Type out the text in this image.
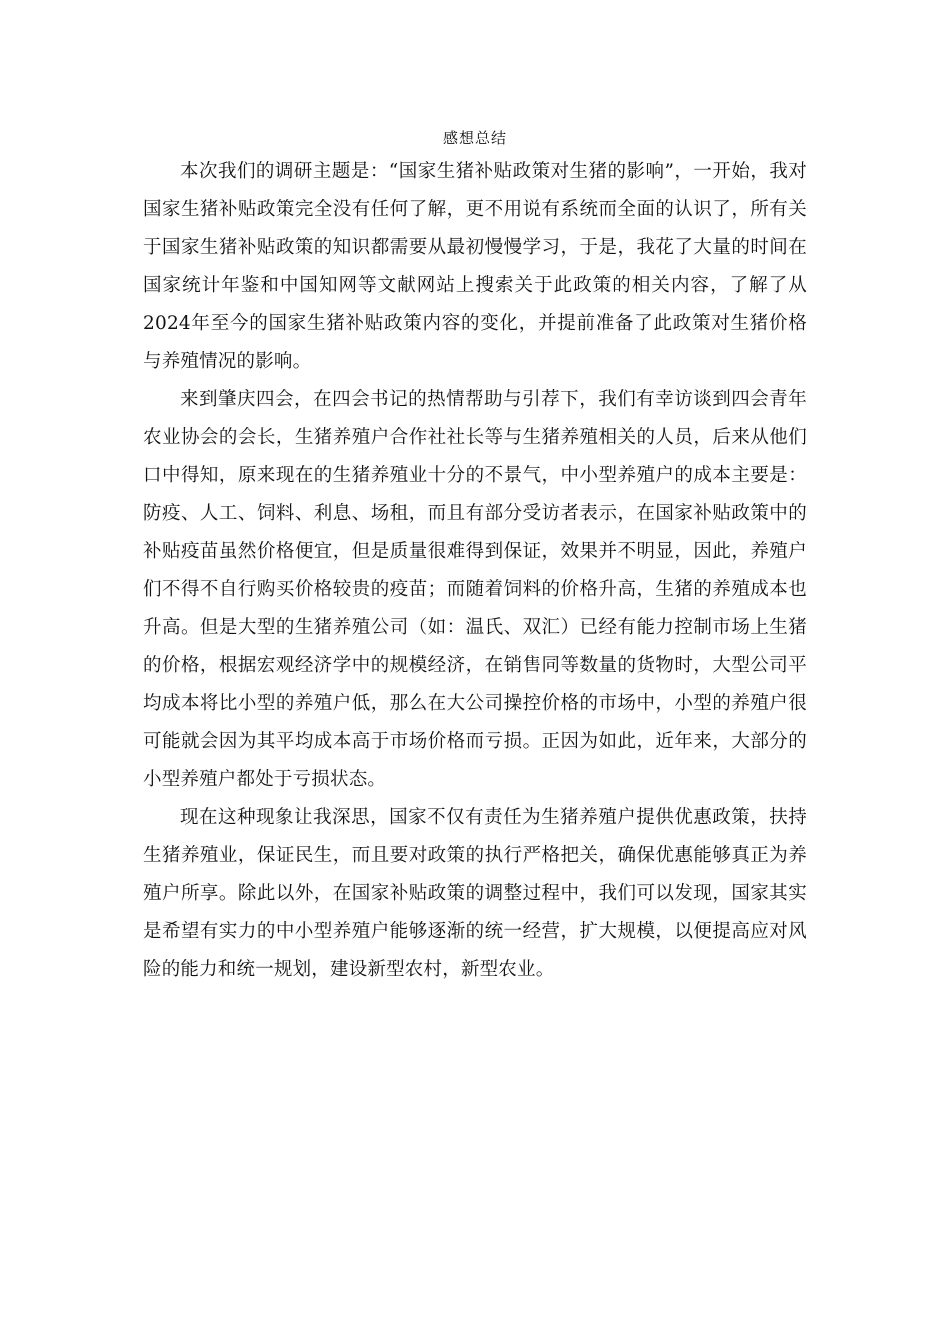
感想总结

本次我们的调研主题是：“国家生猪补贴政策对生猪的影响”，一开始，我对国家生猪补贴政策完全没有任何了解，更不用说有系统而全面的认识了，所有关于国家生猪补贴政策的知识都需要从最初慢慢学习，于是，我花了大量的时间在国家统计年鉴和中国知网等文献网站上搜索关于此政策的相关内容，了解了从2024年至今的国家生猪补贴政策内容的变化，并提前准备了此政策对生猪价格与养殖情况的影响。

来到肇庆四会，在四会书记的热情帮助与引荐下，我们有幸访谈到四会青年农业协会的会长，生猪养殖户合作社社长等与生猪养殖相关的人员，后来从他们口中得知，原来现在的生猪养殖业十分的不景气，中小型养殖户的成本主要是：防疫、人工、饲料、利息、场租，而且有部分受访者表示，在国家补贴政策中的补贴疫苗虽然价格便宜，但是质量很难得到保证，效果并不明显，因此，养殖户们不得不自行购买价格较贵的疫苗；而随着饲料的价格升高，生猪的养殖成本也升高。但是大型的生猪养殖公司（如：温氏、双汇）已经有能力控制市场上生猪的价格，根据宏观经济学中的规模经济，在销售同等数量的货物时，大型公司平均成本将比小型的养殖户低，那么在大公司操控价格的市场中，小型的养殖户很可能就会因为其平均成本高于市场价格而亏损。正因为如此，近年来，大部分的小型养殖户都处于亏损状态。

现在这种现象让我深思，国家不仅有责任为生猪养殖户提供优惠政策，扶持生猪养殖业，保证民生，而且要对政策的执行严格把关，确保优惠能够真正为养殖户所享。除此以外，在国家补贴政策的调整过程中，我们可以发现，国家其实是希望有实力的中小型养殖户能够逐渐的统一经营，扩大规模，以便提高应对风险的能力和统一规划，建设新型农村，新型农业。
